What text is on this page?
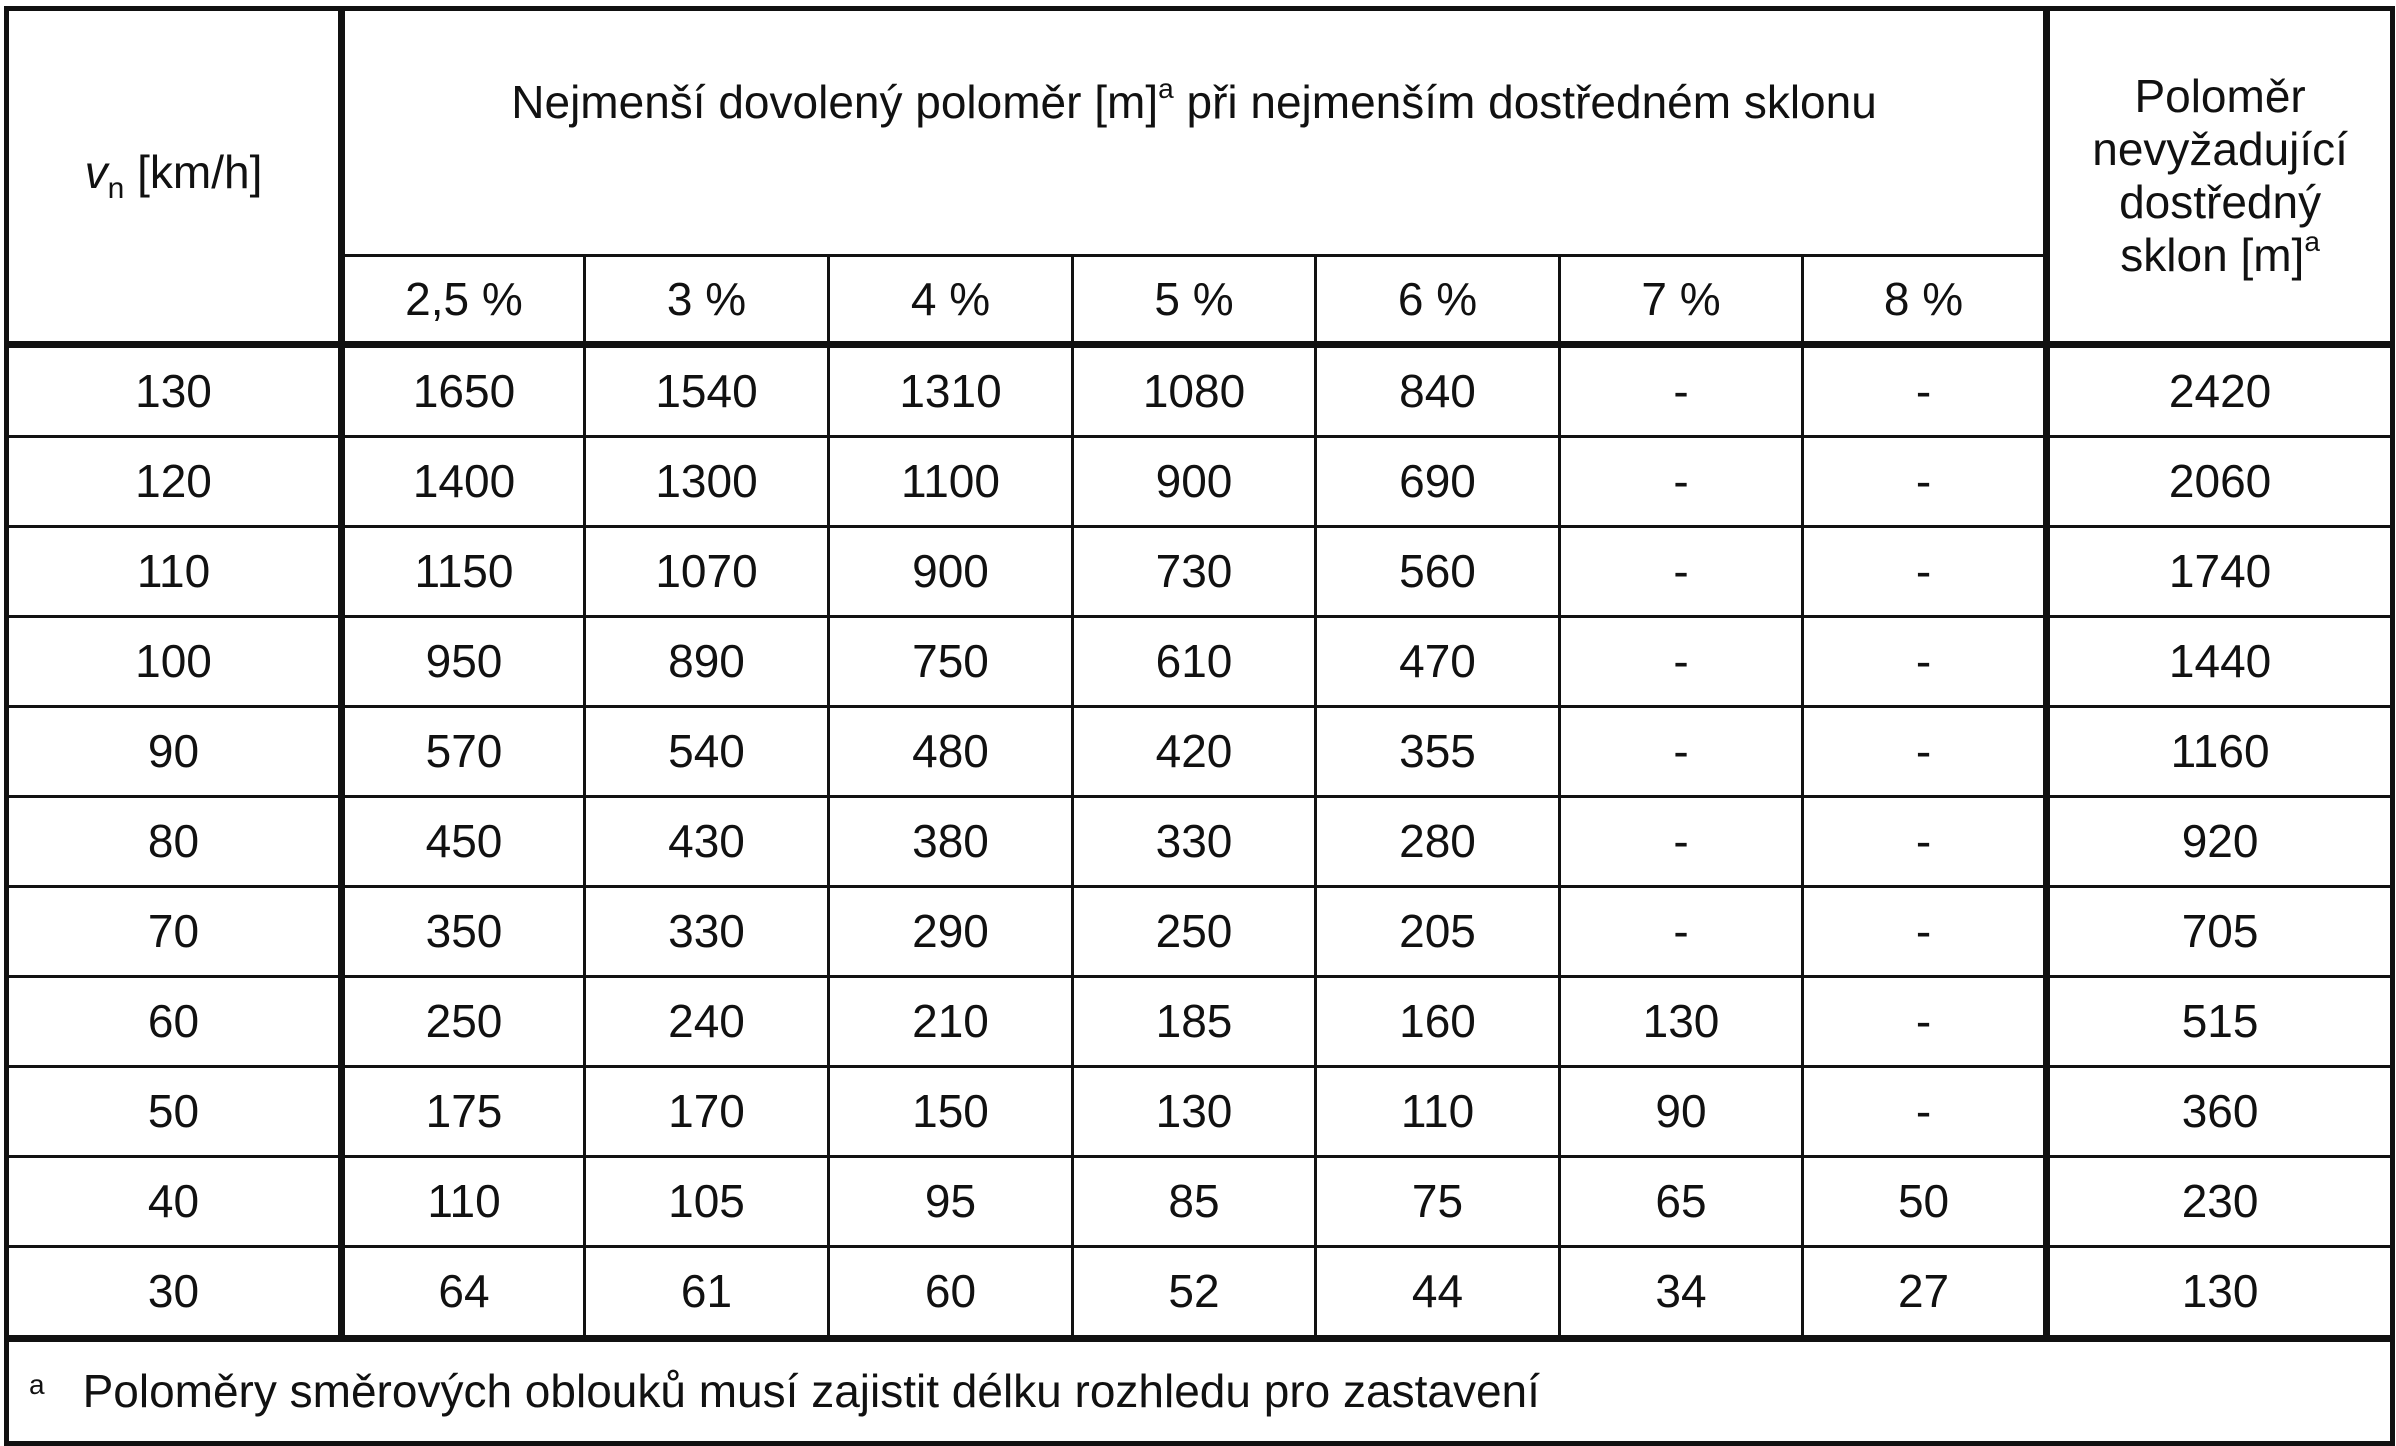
$v_n$ [km/h]	Nejmenší dovolený poloměr $[m]^a$ při nejmenším dostředném sklonu							Poloměr
nevyžadující
dostředný
sklon $[m]^a$

	2,5 %	3 %	4 %	5 %	6 %	7 %	8 %	
130	1650	1540	1310	1080	840	-	-	2420
120	1400	1300	1100	900	690	-	-	2060
110	1150	1070	900	730	560	-	-	1740
100	950	890	750	610	470	-	-	1440
90	570	540	480	420	355	-	-	1160
80	450	430	380	330	280	-	-	920
70	350	330	290	250	205	-	-	705
60	250	240	210	185	160	130	-	515
50	175	170	150	130	110	90	-	360
40	110	105	95	85	75	65	50	230
30	64	61	60	52	44	34	27	130
$^a$ Poloměry směrových oblouků musí zajistit délku rozhledu pro zastavení								
